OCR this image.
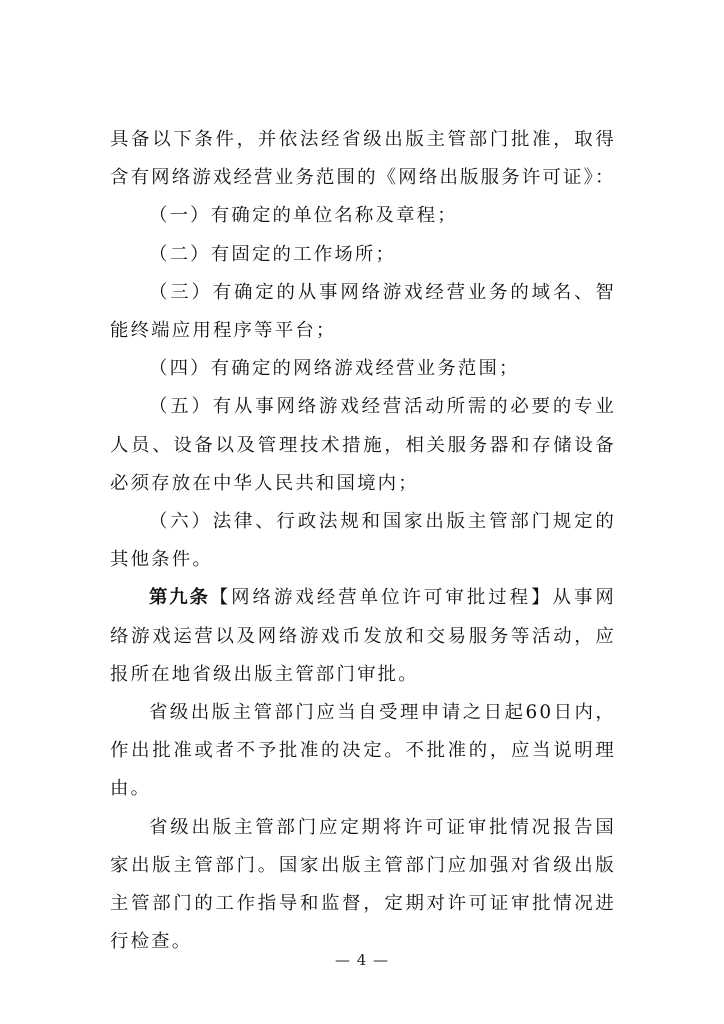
具备以下条件，并依法经省级出版主管部门批准，取得含有网络游戏经营业务范围的《网络出版服务许可证》：

（一）有确定的单位名称及章程；

（二）有固定的工作场所；

（三）有确定的从事网络游戏经营业务的域名、智能终端应用程序等平台；

（四）有确定的网络游戏经营业务范围；

（五）有从事网络游戏经营活动所需的必要的专业人员、设备以及管理技术措施，相关服务器和存储设备必须存放在中华人民共和国境内；

（六）法律、行政法规和国家出版主管部门规定的其他条件。

第九条【网络游戏经营单位许可审批过程】从事网络游戏运营以及网络游戏币发放和交易服务等活动，应报所在地省级出版主管部门审批。

省级出版主管部门应当自受理申请之日起60日内，作出批准或者不予批准的决定。不批准的，应当说明理由。

省级出版主管部门应定期将许可证审批情况报告国家出版主管部门。国家出版主管部门应加强对省级出版主管部门的工作指导和监督，定期对许可证审批情况进行检查。

— 4 —
